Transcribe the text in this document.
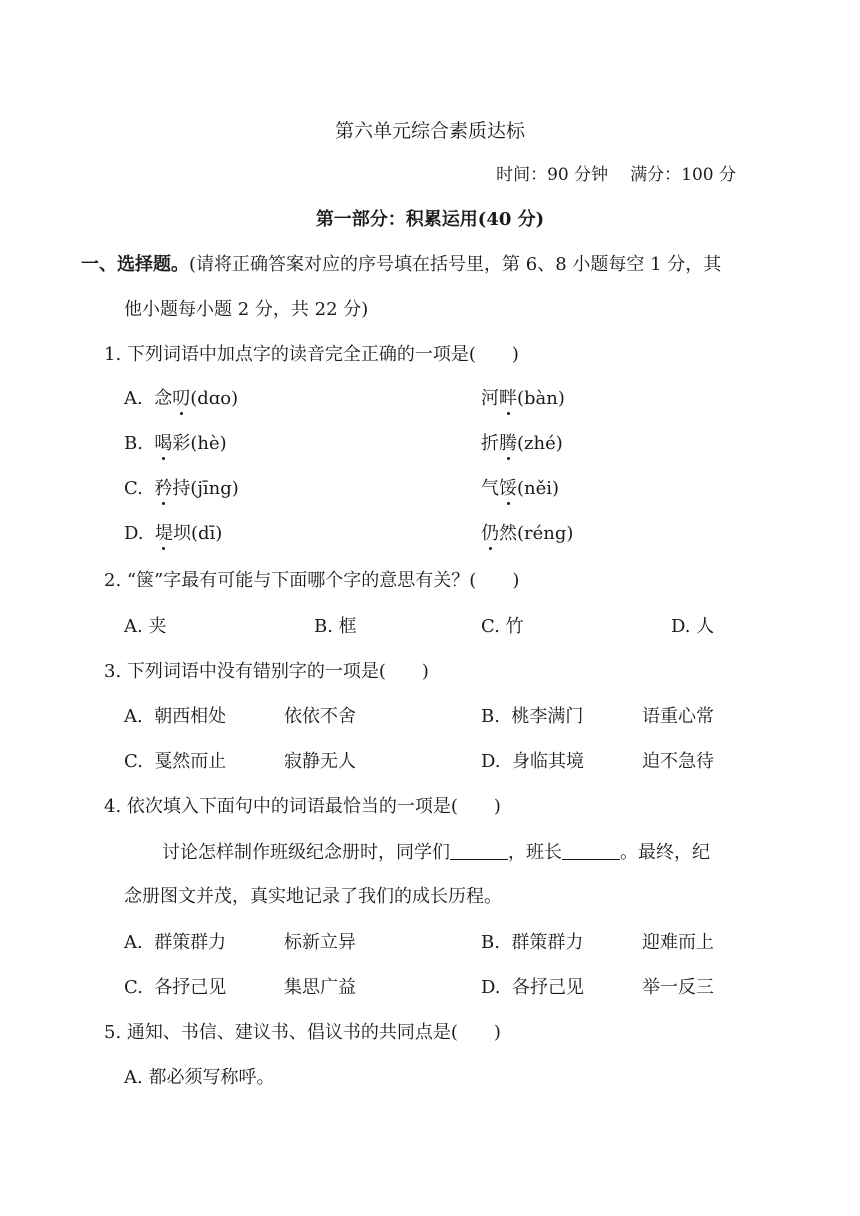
第六单元综合素质达标
时间：90 分钟 满分：100 分
第一部分：积累运用(40 分)
一、选择题。(请将正确答案对应的序号填在括号里，第 6、8 小题每空 1 分，其
他小题每小题 2 分，共 22 分)
1. 下列词语中加点字的读音完全正确的一项是(　　)
A. 念叨(dɑo)	河畔(bàn)
B. 喝彩(hè)	折腾(zhé)
C. 矜持(jīng)	气馁(něi)
D. 堤坝(dī)	仍然(réng)
2. “箧”字最有可能与下面哪个字的意思有关？(　　)
A. 夹	B. 框	C. 竹	D. 人
3. 下列词语中没有错别字的一项是(　　)
A. 朝西相处	依依不舍	B. 桃李满门	语重心常
C. 戛然而止	寂静无人	D. 身临其境	迫不急待
4. 依次填入下面句中的词语最恰当的一项是(　　)
讨论怎样制作班级纪念册时，同学们	，班长	。最终，纪
念册图文并茂，真实地记录了我们的成长历程。
A. 群策群力	标新立异	B. 群策群力	迎难而上
C. 各抒己见	集思广益	D. 各抒己见	举一反三
5. 通知、书信、建议书、倡议书的共同点是(　　)
A. 都必须写称呼。
